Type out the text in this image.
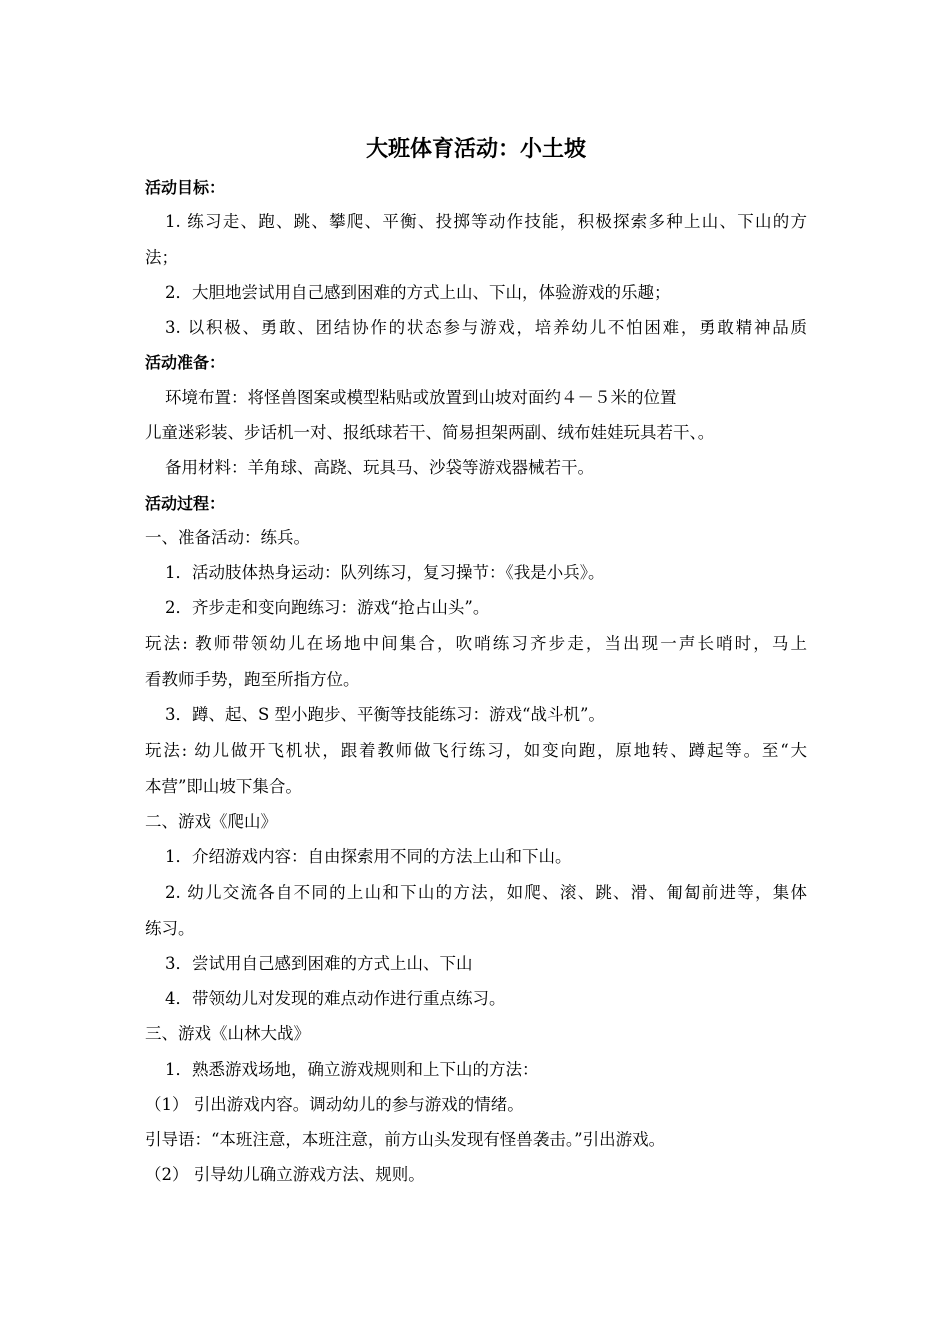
大班体育活动：小土坡
活动目标：
1. 练习走、跑、跳、攀爬、平衡、投掷等动作技能，积极探索多种上山、下山的方
法；
2．大胆地尝试用自己感到困难的方式上山、下山，体验游戏的乐趣；
3. 以积极、勇敢、团结协作的状态参与游戏，培养幼儿不怕困难，勇敢精神品质
活动准备：
环境布置：将怪兽图案或模型粘贴或放置到山坡对面约４－５米的位置
儿童迷彩装、步话机一对、报纸球若干、简易担架两副、绒布娃娃玩具若干、。
备用材料：羊角球、高跷、玩具马、沙袋等游戏器械若干。
活动过程：
一、准备活动：练兵。
1．活动肢体热身运动：队列练习，复习操节：《我是小兵》。
2．齐步走和变向跑练习：游戏“抢占山头”。
玩法: 教师带领幼儿在场地中间集合，吹哨练习齐步走，当出现一声长哨时，马上
看教师手势，跑至所指方位。
3．蹲、起、S 型小跑步、平衡等技能练习：游戏“战斗机”。
玩法: 幼儿做开飞机状，跟着教师做飞行练习，如变向跑，原地转、蹲起等。至“大
本营”即山坡下集合。
二、游戏《爬山》
1．介绍游戏内容：自由探索用不同的方法上山和下山。
2. 幼儿交流各自不同的上山和下山的方法，如爬、滚、跳、滑、匍匐前进等，集体
练习。
3．尝试用自己感到困难的方式上山、下山
4．带领幼儿对发现的难点动作进行重点练习。
三、游戏《山林大战》
1．熟悉游戏场地，确立游戏规则和上下山的方法：
（1） 引出游戏内容。调动幼儿的参与游戏的情绪。
引导语：“本班注意，本班注意，前方山头发现有怪兽袭击。”引出游戏。
（2） 引导幼儿确立游戏方法、规则。
